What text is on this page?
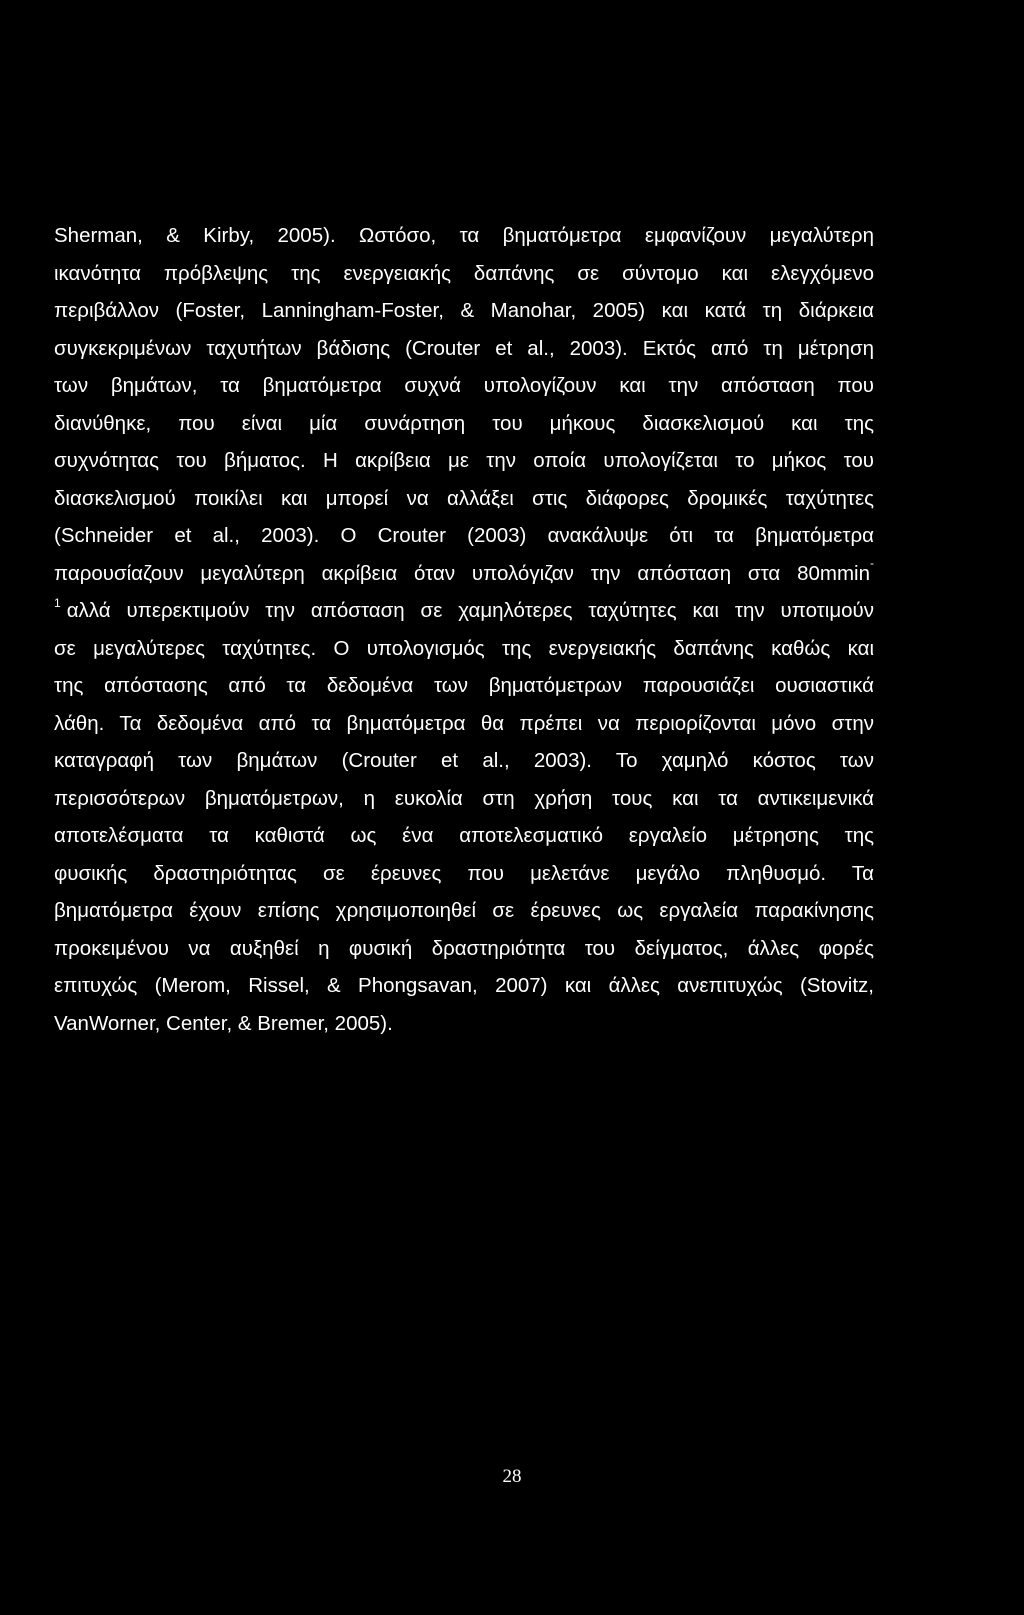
Sherman, & Kirby, 2005). Ωστόσο, τα βηματόμετρα εμφανίζουν μεγαλύτερη
ικανότητα πρόβλεψης της ενεργειακής δαπάνης σε σύντομο και ελεγχόμενο
περιβάλλον (Foster, Lanningham-Foster, & Manohar, 2005) και κατά τη διάρκεια
συγκεκριμένων ταχυτήτων βάδισης (Crouter et al., 2003). Εκτός από τη μέτρηση
των βημάτων, τα βηματόμετρα συχνά υπολογίζουν και την απόσταση που
διανύθηκε, που είναι μία συνάρτηση του μήκους διασκελισμού και της
συχνότητας του βήματος. Η ακρίβεια με την οποία υπολογίζεται το μήκος του
διασκελισμού ποικίλει και μπορεί να αλλάξει στις διάφορες δρομικές ταχύτητες
(Schneider et al., 2003). Ο Crouter (2003) ανακάλυψε ότι τα βηματόμετρα
παρουσίαζουν μεγαλύτερη ακρίβεια όταν υπολόγιζαν την απόσταση στα 80mmin-
$^1$ αλλά υπερεκτιμούν την απόσταση σε χαμηλότερες ταχύτητες και την υποτιμούν
σε μεγαλύτερες ταχύτητες. Ο υπολογισμός της ενεργειακής δαπάνης καθώς και
της απόστασης από τα δεδομένα των βηματόμετρων παρουσιάζει ουσιαστικά
λάθη. Τα δεδομένα από τα βηματόμετρα θα πρέπει να περιορίζονται μόνο στην
καταγραφή των βημάτων (Crouter et al., 2003). Το χαμηλό κόστος των
περισσότερων βηματόμετρων, η ευκολία στη χρήση τους και τα αντικειμενικά
αποτελέσματα τα καθιστά ως ένα αποτελεσματικό εργαλείο μέτρησης της
φυσικής δραστηριότητας σε έρευνες που μελετάνε μεγάλο πληθυσμό. Τα
βηματόμετρα έχουν επίσης χρησιμοποιηθεί σε έρευνες ως εργαλεία παρακίνησης
προκειμένου να αυξηθεί η φυσική δραστηριότητα του δείγματος, άλλες φορές
επιτυχώς (Merom, Rissel, & Phongsavan, 2007) και άλλες ανεπιτυχώς (Stovitz,
VanWorner, Center, & Bremer, 2005).
28
